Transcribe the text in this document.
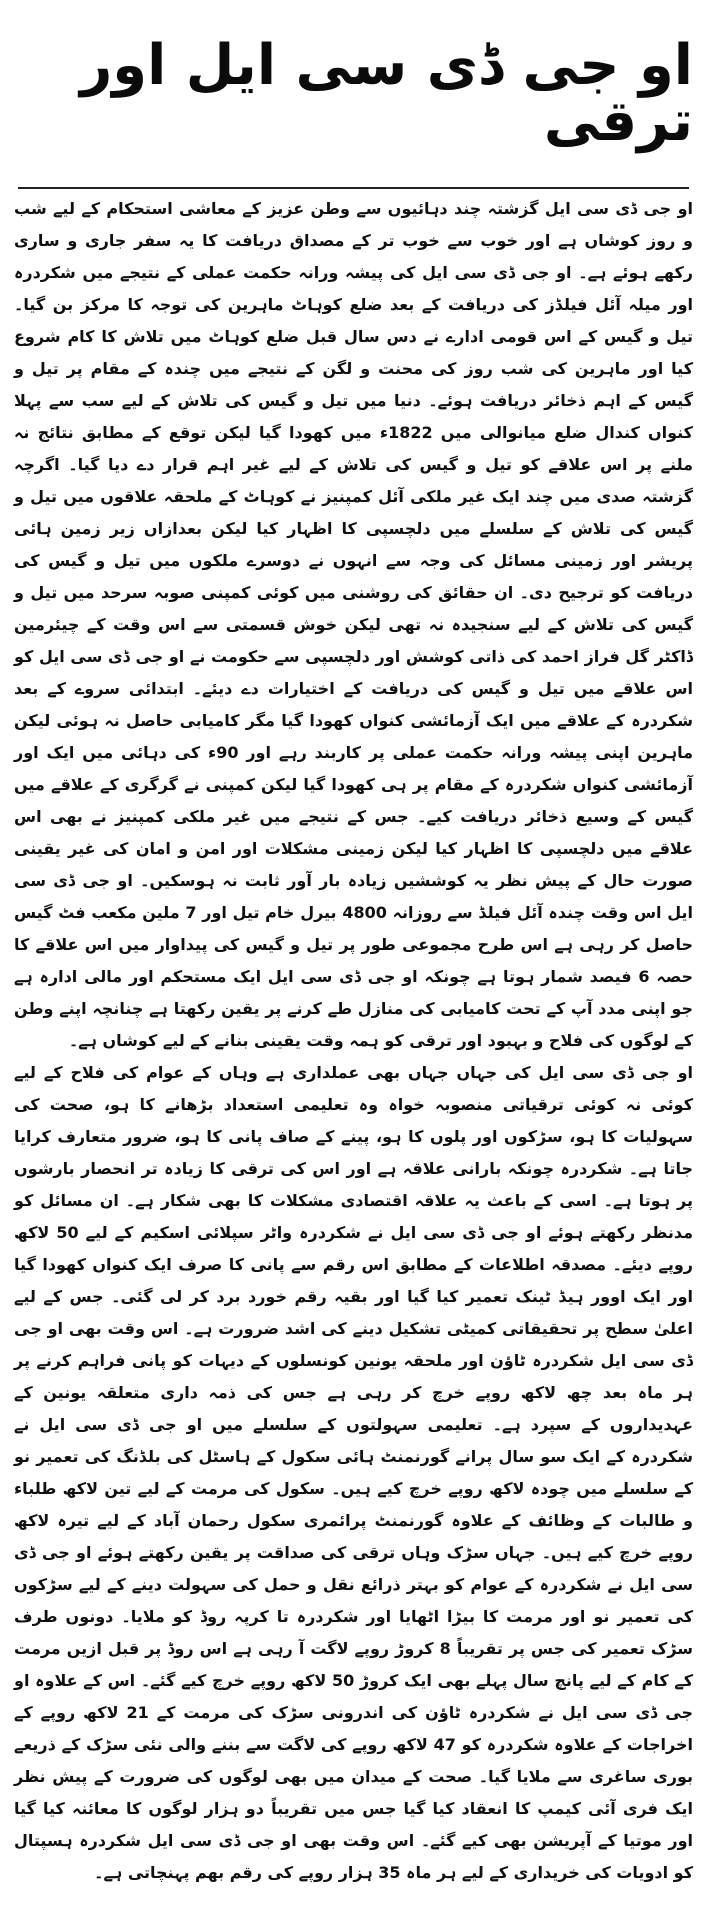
او جی ڈی سی ایل اور ترقی

او جی ڈی سی ایل گزشتہ چند دہائیوں سے وطن عزیز کے معاشی استحکام کے لیے شب و روز کوشاں ہے اور خوب سے خوب تر کے مصداق دریافت کا یہ سفر جاری و ساری رکھے ہوئے ہے۔ او جی ڈی سی ایل کی پیشہ ورانہ حکمت عملی کے نتیجے میں شکردرہ اور میلہ آئل فیلڈز کی دریافت کے بعد ضلع کوہاٹ ماہرین کی توجہ کا مرکز بن گیا۔ تیل و گیس کے اس قومی ادارے نے دس سال قبل ضلع کوہاٹ میں تلاش کا کام شروع کیا اور ماہرین کی شب روز کی محنت و لگن کے نتیجے میں چندہ کے مقام پر تیل و گیس کے اہم ذخائر دریافت ہوئے۔ دنیا میں تیل و گیس کی تلاش کے لیے سب سے پہلا کنواں کندال ضلع میانوالی میں 1822ء میں کھودا گیا لیکن توقع کے مطابق نتائج نہ ملنے پر اس علاقے کو تیل و گیس کی تلاش کے لیے غیر اہم قرار دے دیا گیا۔ اگرچہ گزشتہ صدی میں چند ایک غیر ملکی آئل کمپنیز نے کوہاٹ کے ملحقہ علاقوں میں تیل و گیس کی تلاش کے سلسلے میں دلچسپی کا اظہار کیا لیکن بعدازاں زیر زمین ہائی پریشر اور زمینی مسائل کی وجہ سے انہوں نے دوسرے ملکوں میں تیل و گیس کی دریافت کو ترجیح دی۔ ان حقائق کی روشنی میں کوئی کمپنی صوبہ سرحد میں تیل و گیس کی تلاش کے لیے سنجیدہ نہ تھی لیکن خوش قسمتی سے اس وقت کے چیئرمین ڈاکٹر گل فراز احمد کی ذاتی کوشش اور دلچسپی سے حکومت نے او جی ڈی سی ایل کو اس علاقے میں تیل و گیس کی دریافت کے اختیارات دے دیئے۔ ابتدائی سروے کے بعد شکردرہ کے علاقے میں ایک آزمائشی کنواں کھودا گیا مگر کامیابی حاصل نہ ہوئی لیکن ماہرین اپنی پیشہ ورانہ حکمت عملی پر کاربند رہے اور 90ء کی دہائی میں ایک اور آزمائشی کنواں شکردرہ کے مقام پر ہی کھودا گیا لیکن کمپنی نے گرگری کے علاقے میں گیس کے وسیع ذخائر دریافت کیے۔ جس کے نتیجے میں غیر ملکی کمپنیز نے بھی اس علاقے میں دلچسپی کا اظہار کیا لیکن زمینی مشکلات اور امن و امان کی غیر یقینی صورت حال کے پیش نظر یہ کوششیں زیادہ بار آور ثابت نہ ہوسکیں۔ او جی ڈی سی ایل اس وقت چندہ آئل فیلڈ سے روزانہ 4800 بیرل خام تیل اور 7 ملین مکعب فٹ گیس حاصل کر رہی ہے اس طرح مجموعی طور پر تیل و گیس کی پیداوار میں اس علاقے کا حصہ 6 فیصد شمار ہوتا ہے چونکہ او جی ڈی سی ایل ایک مستحکم اور مالی ادارہ ہے جو اپنی مدد آپ کے تحت کامیابی کی منازل طے کرنے پر یقین رکھتا ہے چنانچہ اپنے وطن کے لوگوں کی فلاح و بہبود اور ترقی کو ہمہ وقت یقینی بنانے کے لیے کوشاں ہے۔

او جی ڈی سی ایل کی جہاں جہاں بھی عملداری ہے وہاں کے عوام کی فلاح کے لیے کوئی نہ کوئی ترقیاتی منصوبہ خواہ وہ تعلیمی استعداد بڑھانے کا ہو، صحت کی سہولیات کا ہو، سڑکوں اور پلوں کا ہو، پینے کے صاف پانی کا ہو، ضرور متعارف کرایا جاتا ہے۔ شکردرہ چونکہ بارانی علاقہ ہے اور اس کی ترقی کا زیادہ تر انحصار بارشوں پر ہوتا ہے۔ اسی کے باعث یہ علاقہ اقتصادی مشکلات کا بھی شکار ہے۔ ان مسائل کو مدنظر رکھتے ہوئے او جی ڈی سی ایل نے شکردرہ واٹر سپلائی اسکیم کے لیے 50 لاکھ روپے دیئے۔ مصدقہ اطلاعات کے مطابق اس رقم سے پانی کا صرف ایک کنواں کھودا گیا اور ایک اوور ہیڈ ٹینک تعمیر کیا گیا اور بقیہ رقم خورد برد کر لی گئی۔ جس کے لیے اعلیٰ سطح پر تحقیقاتی کمیٹی تشکیل دینے کی اشد ضرورت ہے۔ اس وقت بھی او جی ڈی سی ایل شکردرہ ٹاؤن اور ملحقہ یونین کونسلوں کے دیہات کو پانی فراہم کرنے پر ہر ماہ بعد چھ لاکھ روپے خرچ کر رہی ہے جس کی ذمہ داری متعلقہ یونین کے عہدیداروں کے سپرد ہے۔ تعلیمی سہولتوں کے سلسلے میں او جی ڈی سی ایل نے شکردرہ کے ایک سو سال پرانے گورنمنٹ ہائی سکول کے ہاسٹل کی بلڈنگ کی تعمیر نو کے سلسلے میں چودہ لاکھ روپے خرچ کیے ہیں۔ سکول کی مرمت کے لیے تین لاکھ طلباء و طالبات کے وظائف کے علاوہ گورنمنٹ پرائمری سکول رحمان آباد کے لیے تیرہ لاکھ روپے خرچ کیے ہیں۔ جہاں سڑک وہاں ترقی کی صداقت پر یقین رکھتے ہوئے او جی ڈی سی ایل نے شکردرہ کے عوام کو بہتر ذرائع نقل و حمل کی سہولت دینے کے لیے سڑکوں کی تعمیر نو اور مرمت کا بیڑا اٹھایا اور شکردرہ تا کرپہ روڈ کو ملایا۔ دونوں طرف سڑک تعمیر کی جس پر تقریباً 8 کروڑ روپے لاگت آ رہی ہے اس روڈ پر قبل ازیں مرمت کے کام کے لیے پانچ سال پہلے بھی ایک کروڑ 50 لاکھ روپے خرچ کیے گئے۔ اس کے علاوہ او جی ڈی سی ایل نے شکردرہ ٹاؤن کی اندرونی سڑک کی مرمت کے 21 لاکھ روپے کے اخراجات کے علاوہ شکردرہ کو 47 لاکھ روپے کی لاگت سے بننے والی نئی سڑک کے ذریعے بوری ساغری سے ملایا گیا۔ صحت کے میدان میں بھی لوگوں کی ضرورت کے پیش نظر ایک فری آئی کیمپ کا انعقاد کیا گیا جس میں تقریباً دو ہزار لوگوں کا معائنہ کیا گیا اور موتیا کے آپریشن بھی کیے گئے۔ اس وقت بھی او جی ڈی سی ایل شکردرہ ہسپتال کو ادویات کی خریداری کے لیے ہر ماہ 35 ہزار روپے کی رقم بھم پہنچاتی ہے۔
